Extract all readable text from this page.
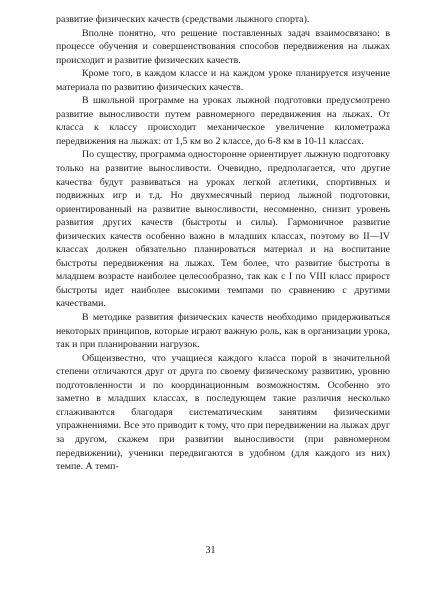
развитие физических качеств (средствами лыжного спорта).

Вполне понятно, что решение поставленных задач взаимосвязано: в процессе обучения и совершенствования способов передвижения на лыжах происходит и развитие физических качеств.

Кроме того, в каждом классе и на каждом уроке планируется изучение материала по развитию физических качеств.

В школьной программе на уроках лыжной подготовки предусмотрено развитие выносливости путем равномерного передвижения на лыжах. От класса к классу происходит механическое увеличение километража передвижения на лыжах: от 1,5 км во 2 классе, до 6-8 км в 10-11 классах.

По существу, программа односторонне ориентирует лыжную подготовку только на развитие выносливости. Очевидно, предполагается, что другие качества будут развиваться на уроках легкой атлетики, спортивных и подвижных игр и т.д. Но двухмесячный период лыжной подготовки, ориентированный на развитие выносливости, несомненно, снизит уровень развития других качеств (быстроты и силы). Гармоничное развитие физических качеств особенно важно в младших классах, поэтому во II—IV классах должен обязательно планироваться материал и на воспитание быстроты передвижения на лыжах. Тем более, что развитие быстроты в младшем возрасте наиболее целесообразно, так как с I по VIII класс прирост быстроты идет наиболее высокими темпами по сравнению с другими качествами.

В методике развития физических качеств необходимо придерживаться некоторых принципов, которые играют важную роль, как в организации урока, так и при планировании нагрузок.

Общеизвестно, что учащиеся каждого класса порой в значительной степени отличаются друг от друга по своему физическому развитию, уровню подготовленности и по координационным возможностям. Особенно это заметно в младших классах, в последующем такие различия несколько сглаживаются благодаря систематическим занятиям физическими упражнениями. Все это приводит к тому, что при передвижении на лыжах друг за другом, скажем при развитии выносливости (при равномерном передвижении), ученики передвигаются в удобном (для каждого из них) темпе. А темп-

31
